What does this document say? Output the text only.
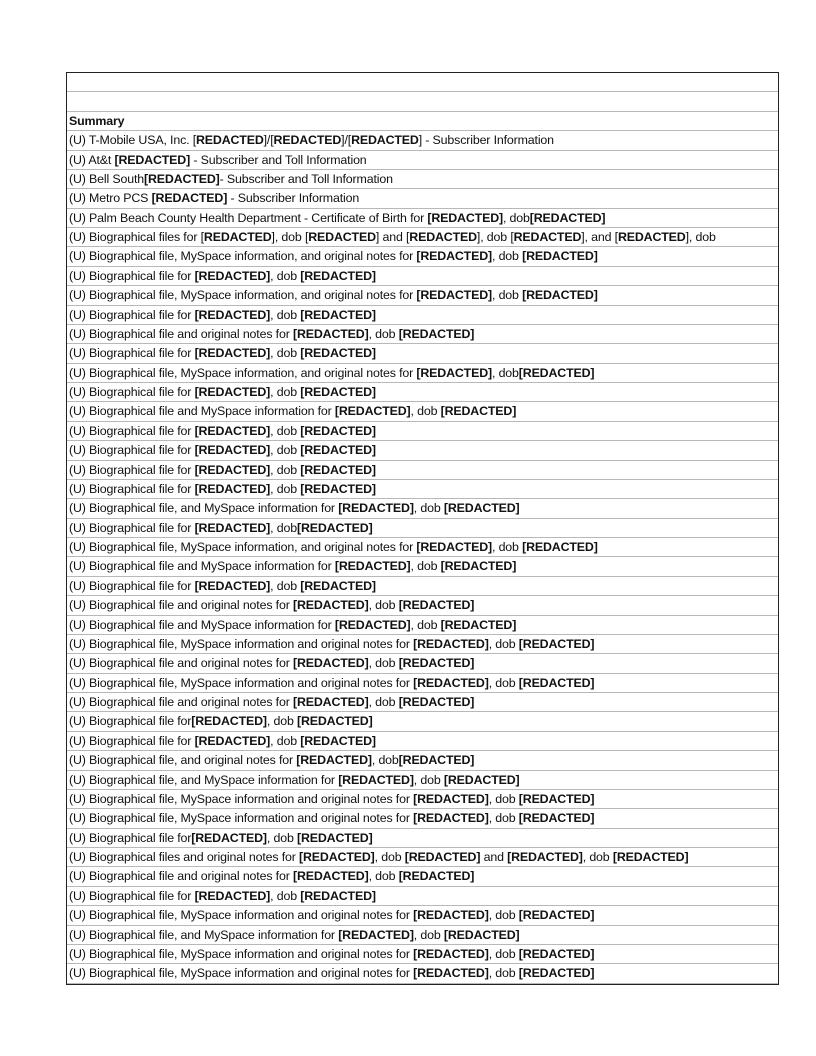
Summary
(U) T-Mobile USA, Inc. [REDACTED]/[REDACTED]/[REDACTED] - Subscriber Information
(U) At&t [REDACTED] - Subscriber and Toll Information
(U) Bell South[REDACTED]- Subscriber and Toll Information
(U) Metro PCS [REDACTED] - Subscriber Information
(U) Palm Beach County Health Department - Certificate of Birth for [REDACTED], dob[REDACTED]
(U) Biographical files for [REDACTED], dob [REDACTED] and [REDACTED], dob [REDACTED], and [REDACTED], dob
(U) Biographical file, MySpace information, and original notes for [REDACTED], dob [REDACTED]
(U) Biographical file for [REDACTED], dob [REDACTED]
(U) Biographical file, MySpace information, and original notes for [REDACTED], dob [REDACTED]
(U) Biographical file for [REDACTED], dob [REDACTED]
(U) Biographical file and original notes for [REDACTED], dob [REDACTED]
(U) Biographical file for [REDACTED], dob [REDACTED]
(U) Biographical file, MySpace information, and original notes for [REDACTED], dob[REDACTED]
(U) Biographical file for [REDACTED], dob [REDACTED]
(U) Biographical file and MySpace information for [REDACTED], dob [REDACTED]
(U) Biographical file for [REDACTED], dob [REDACTED]
(U) Biographical file for [REDACTED], dob [REDACTED]
(U) Biographical file for [REDACTED], dob [REDACTED]
(U) Biographical file for [REDACTED], dob [REDACTED]
(U) Biographical file, and MySpace information for [REDACTED], dob [REDACTED]
(U) Biographical file for [REDACTED], dob[REDACTED]
(U) Biographical file, MySpace information, and original notes for [REDACTED], dob [REDACTED]
(U) Biographical file and MySpace information for [REDACTED], dob [REDACTED]
(U) Biographical file for [REDACTED], dob [REDACTED]
(U) Biographical file and original notes for [REDACTED], dob [REDACTED]
(U) Biographical file and MySpace information for [REDACTED], dob [REDACTED]
(U) Biographical file, MySpace information and original notes for [REDACTED], dob [REDACTED]
(U) Biographical file and original notes for [REDACTED], dob [REDACTED]
(U) Biographical file, MySpace information and original notes for [REDACTED], dob [REDACTED]
(U) Biographical file and original notes for [REDACTED], dob [REDACTED]
(U) Biographical file for[REDACTED], dob [REDACTED]
(U) Biographical file for [REDACTED], dob [REDACTED]
(U) Biographical file, and original notes for [REDACTED], dob[REDACTED]
(U) Biographical file, and MySpace information for [REDACTED], dob [REDACTED]
(U) Biographical file, MySpace information and original notes for [REDACTED], dob [REDACTED]
(U) Biographical file, MySpace information and original notes for [REDACTED], dob [REDACTED]
(U) Biographical file for[REDACTED], dob [REDACTED]
(U) Biographical files and original notes for [REDACTED], dob [REDACTED] and [REDACTED], dob [REDACTED]
(U) Biographical file and original notes for [REDACTED], dob [REDACTED]
(U) Biographical file for [REDACTED], dob [REDACTED]
(U) Biographical file, MySpace information and original notes for [REDACTED], dob [REDACTED]
(U) Biographical file, and MySpace information for [REDACTED], dob [REDACTED]
(U) Biographical file, MySpace information and original notes for [REDACTED], dob [REDACTED]
(U) Biographical file, MySpace information and original notes for [REDACTED], dob [REDACTED]
